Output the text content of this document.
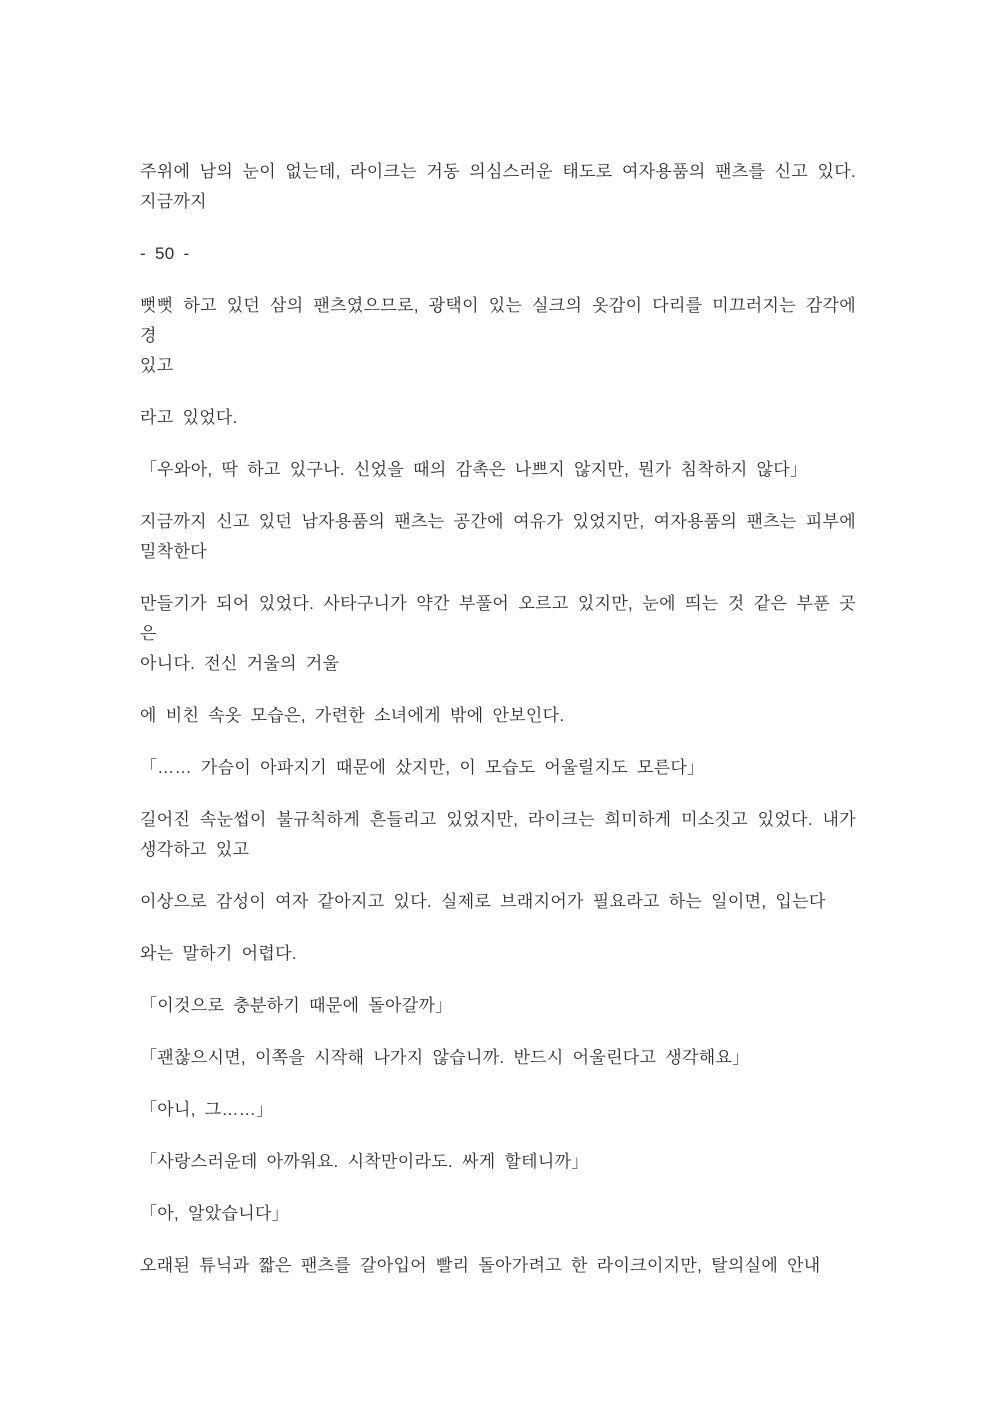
주위에 남의 눈이 없는데, 라이크는 거동 의심스러운 태도로 여자용품의 팬츠를 신고 있다.
지금까지
- 50 -
뻣뻣 하고 있던 삼의 팬츠였으므로, 광택이 있는 실크의 옷감이 다리를 미끄러지는 감각에 경
있고
라고 있었다.
「우와아, 딱 하고 있구나. 신었을 때의 감촉은 나쁘지 않지만, 뭔가 침착하지 않다」
지금까지 신고 있던 남자용품의 팬츠는 공간에 여유가 있었지만, 여자용품의 팬츠는 피부에
밀착한다
만들기가 되어 있었다. 사타구니가 약간 부풀어 오르고 있지만, 눈에 띄는 것 같은 부푼 곳은
아니다. 전신 거울의 거울
에 비친 속옷 모습은, 가련한 소녀에게 밖에 안보인다.
「…… 가슴이 아파지기 때문에 샀지만, 이 모습도 어울릴지도 모른다」
길어진 속눈썹이 불규칙하게 흔들리고 있었지만, 라이크는 희미하게 미소짓고 있었다. 내가
생각하고 있고
이상으로 감성이 여자 같아지고 있다. 실제로 브래지어가 필요라고 하는 일이면, 입는다
와는 말하기 어렵다.
「이것으로 충분하기 때문에 돌아갈까」
「괜찮으시면, 이쪽을 시작해 나가지 않습니까. 반드시 어울린다고 생각해요」
「아니, 그……」
「사랑스러운데 아까워요. 시착만이라도. 싸게 할테니까」
「아, 알았습니다」
오래된 튜닉과 짧은 팬츠를 갈아입어 빨리 돌아가려고 한 라이크이지만, 탈의실에 안내
